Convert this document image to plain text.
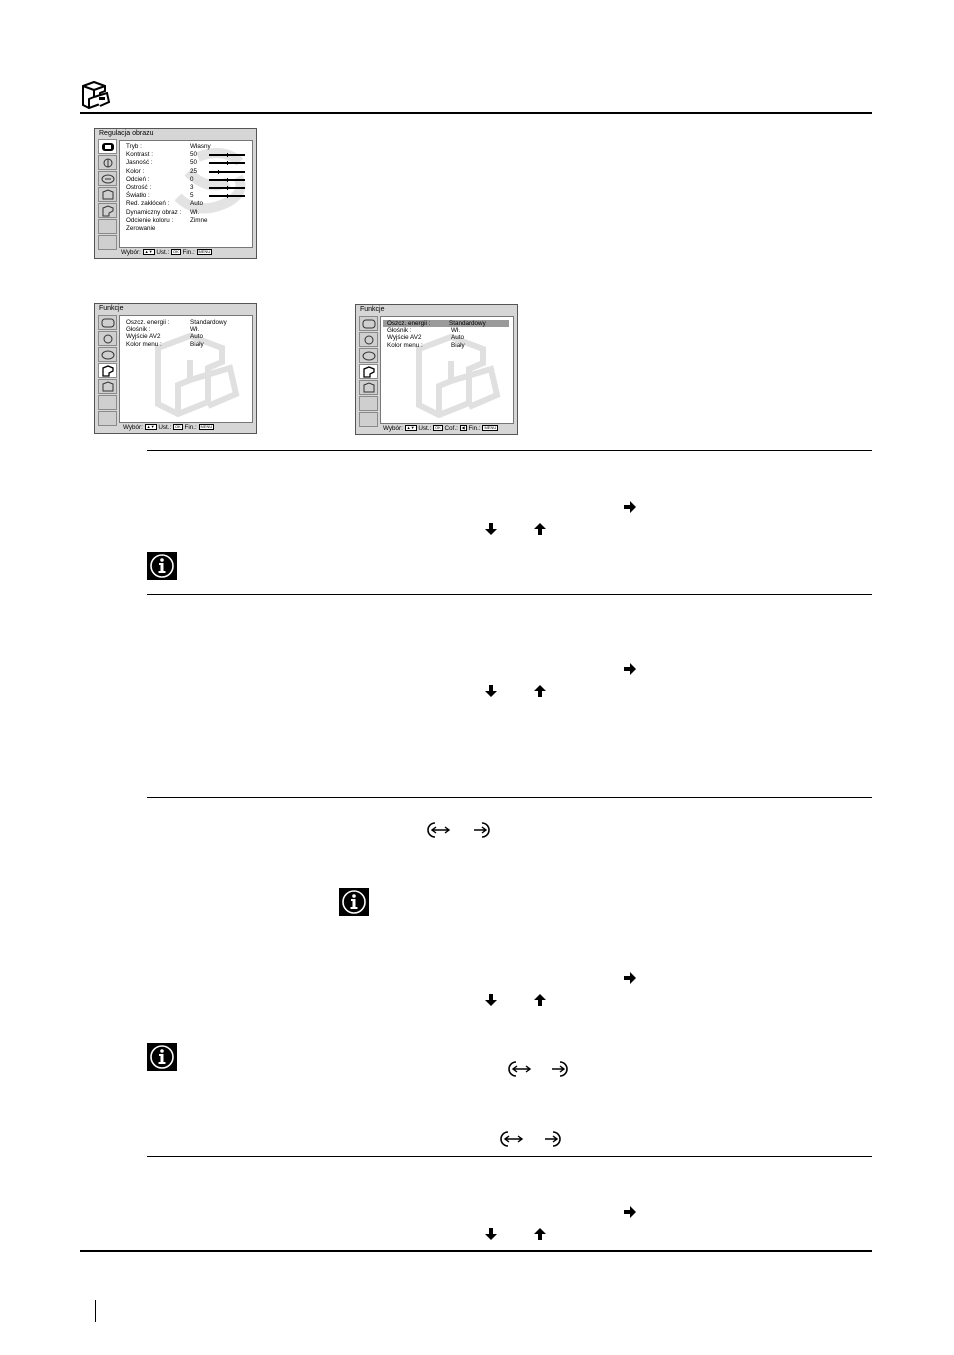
Regulacja obrazu
Tryb :	Własny
Kontrast :	50
Jasność :	50
Kolor :	25
Odcień :	0
Ostrość :	3
Światło :	5
Red. zakłóceń :	Auto
Dynamiczny obraz : Wł.
Odcienie koloru :	Zimne
Zerowanie
Wybór: ▲▼ Ust.: OK Fin.: MENU
Funkcje
Oszcz. energii :	Standardowy
Głośnik :	Wł.
Wyjście AV2	Auto
Kolor menu :	Biały
Wybór: ▲▼ Ust.: OK Fin.: MENU
Funkcje
Oszcz. energii :	Standardowy
Głośnik :	Wł.
Wyjście AV2	Auto
Kolor menu :	Biały
Wybór: ▲▼ Ust.: OK Cof.: ◀ Fin.: MENU
